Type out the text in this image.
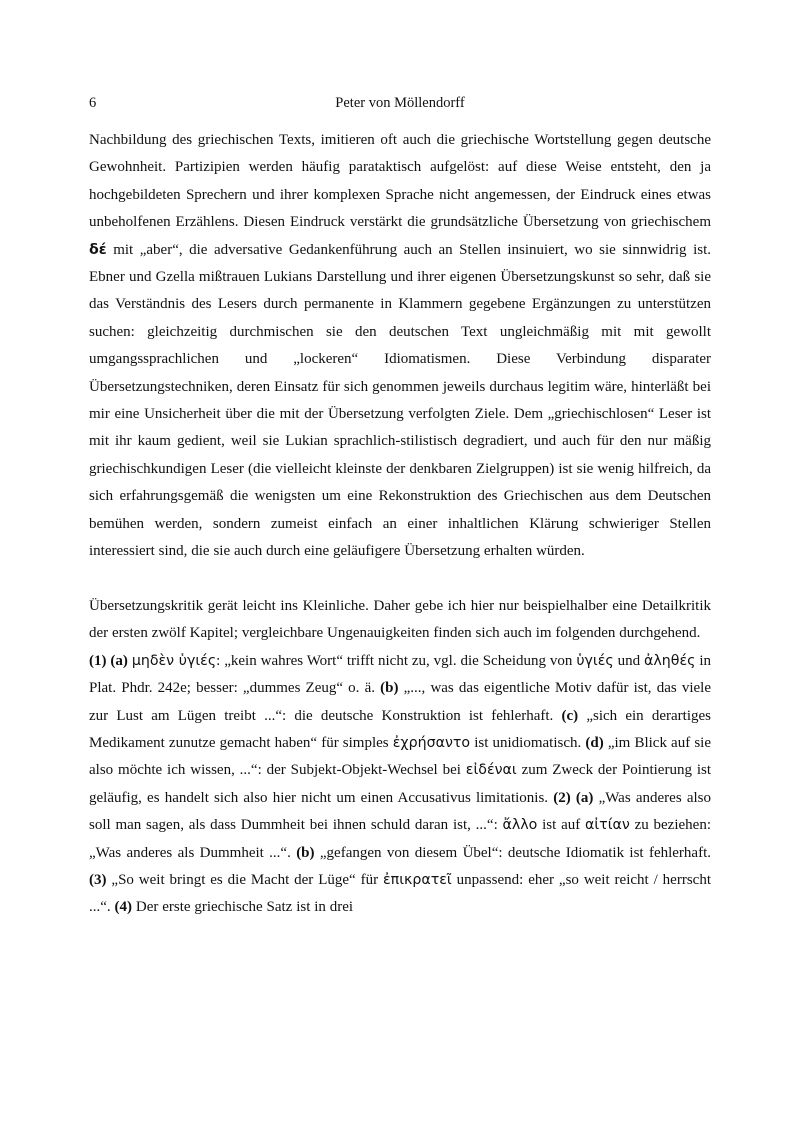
6	Peter von Möllendorff

Nachbildung des griechischen Texts, imitieren oft auch die griechische Wortstellung gegen deutsche Gewohnheit. Partizipien werden häufig parataktisch aufgelöst: auf diese Weise entsteht, den ja hochgebildeten Sprechern und ihrer komplexen Sprache nicht angemessen, der Eindruck eines etwas unbeholfenen Erzählens. Diesen Eindruck verstärkt die grundsätzliche Übersetzung von griechischem δέ mit „aber“, die adversative Gedankenführung auch an Stellen insinuiert, wo sie sinnwidrig ist. Ebner und Gzella mißtrauen Lukians Darstellung und ihrer eigenen Übersetzungskunst so sehr, daß sie das Verständnis des Lesers durch permanente in Klammern gegebene Ergänzungen zu unterstützen suchen: gleichzeitig durchmischen sie den deutschen Text ungleichmäßig mit mit gewollt umgangssprachlichen und „lockeren“ Idiomatismen. Diese Verbindung disparater Übersetzungstechniken, deren Einsatz für sich genommen jeweils durchaus legitim wäre, hinterläßt bei mir eine Unsicherheit über die mit der Übersetzung verfolgten Ziele. Dem „griechischlosen“ Leser ist mit ihr kaum gedient, weil sie Lukian sprachlich-stilistisch degradiert, und auch für den nur mäßig griechischkundigen Leser (die vielleicht kleinste der denkbaren Zielgruppen) ist sie wenig hilfreich, da sich erfahrungsgemäß die wenigsten um eine Rekonstruktion des Griechischen aus dem Deutschen bemühen werden, sondern zumeist einfach an einer inhaltlichen Klärung schwieriger Stellen interessiert sind, die sie auch durch eine geläufigere Übersetzung erhalten würden.

Übersetzungskritik gerät leicht ins Kleinliche. Daher gebe ich hier nur beispielhalber eine Detailkritik der ersten zwölf Kapitel; vergleichbare Ungenauigkeiten finden sich auch im folgenden durchgehend.

(1) (a) μηδὲν ὑγιές: „kein wahres Wort“ trifft nicht zu, vgl. die Scheidung von ὑγιές und ἀληθές in Plat. Phdr. 242e; besser: „dummes Zeug“ o. ä. (b) „..., was das eigentliche Motiv dafür ist, das viele zur Lust am Lügen treibt ...“: die deutsche Konstruktion ist fehlerhaft. (c) „sich ein derartiges Medikament zunutze gemacht haben“ für simples ἐχρήσαντο ist unidiomatisch. (d) „im Blick auf sie also möchte ich wissen, ...“: der Subjekt-Objekt-Wechsel bei εἰδέναι zum Zweck der Pointierung ist geläufig, es handelt sich also hier nicht um einen Accusativus limitationis. (2) (a) „Was anderes also soll man sagen, als dass Dummheit bei ihnen schuld daran ist, ...“: ἄλλο ist auf αἰτίαν zu beziehen: „Was anderes als Dummheit ...“. (b) „gefangen von diesem Übel“: deutsche Idiomatik ist fehlerhaft. (3) „So weit bringt es die Macht der Lüge“ für ἐπικρατεῖ unpassend: eher „so weit reicht / herrscht ...“. (4) Der erste griechische Satz ist in drei
